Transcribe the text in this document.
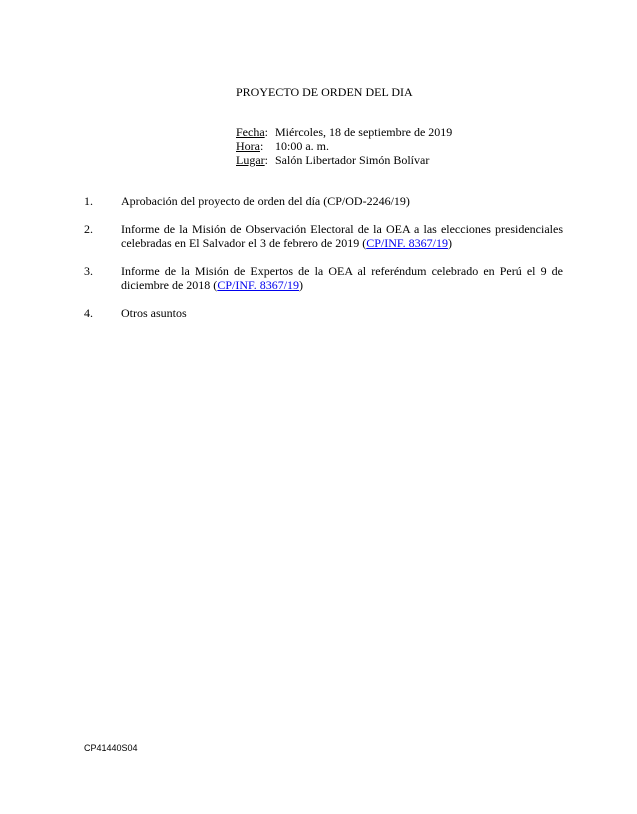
PROYECTO DE ORDEN DEL DIA
Fecha: Miércoles, 18 de septiembre de 2019
Hora: 10:00 a. m.
Lugar: Salón Libertador Simón Bolívar
1.	Aprobación del proyecto de orden del día (CP/OD-2246/19)
2.	Informe de la Misión de Observación Electoral de la OEA a las elecciones presidenciales celebradas en El Salvador el 3 de febrero de 2019 (CP/INF. 8367/19)
3.	Informe de la Misión de Expertos de la OEA al referéndum celebrado en Perú el 9 de diciembre de 2018 (CP/INF. 8367/19)
4.	Otros asuntos
CP41440S04
